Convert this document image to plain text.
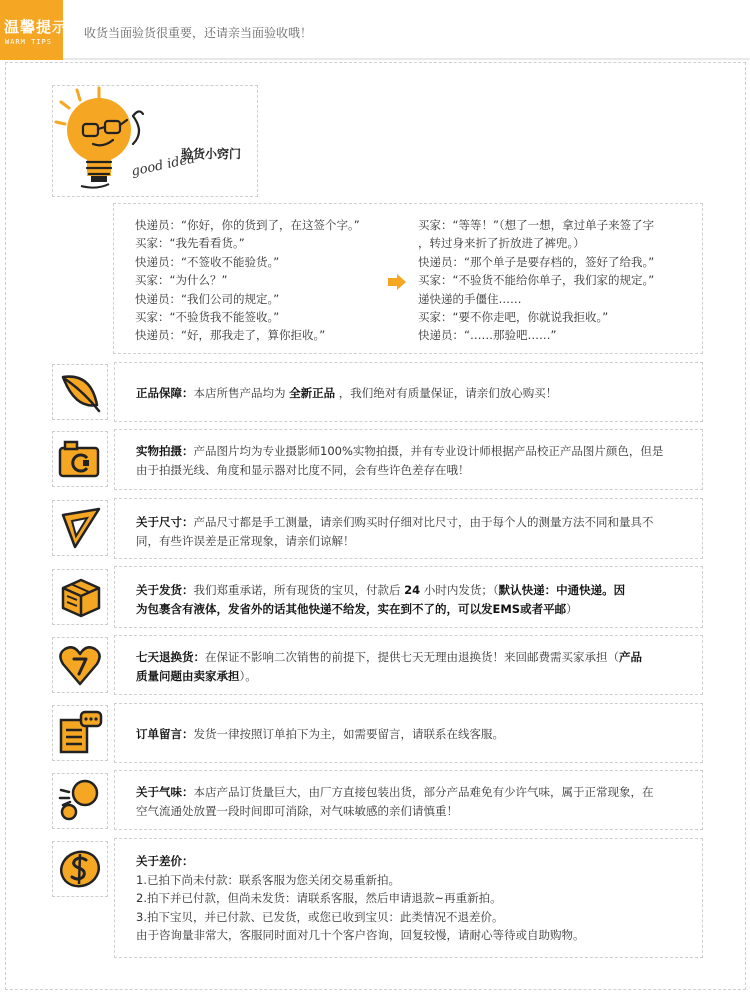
温馨提示
WARM TIPS
收货当面验货很重要，还请亲当面验收哦！
good idea
验货小窍门
快递员：“你好，你的货到了，在这签个字。”
买家：“我先看看货。”
快递员：“不签收不能验货。”
买家：“为什么？”
快递员：“我们公司的规定。”
买家：“不验货我不能签收。”
快递员：“好，那我走了，算你拒收。”
买家：“等等！”（想了一想，拿过单子来签了字
，转过身来折了折放进了裤兜。）
快递员：“那个单子是要存档的，签好了给我。”
买家：“不验货不能给你单子，我们家的规定。”
递快递的手僵住……
买家：“要不你走吧，你就说我拒收。”
快递员：“……那验吧……”
正品保障：本店所售产品均为 全新正品 ，我们绝对有质量保证，请亲们放心购买！
实物拍摄：产品图片均为专业摄影师100%实物拍摄，并有专业设计师根据产品校正产品图片颜色，但是
由于拍摄光线、角度和显示器对比度不同，会有些许色差存在哦！
关于尺寸：产品尺寸都是手工测量，请亲们购买时仔细对比尺寸，由于每个人的测量方法不同和量具不
同，有些许误差是正常现象，请亲们谅解！
关于发货：我们郑重承诺，所有现货的宝贝，付款后 24 小时内发货；（默认快递：中通快递。因
为包裹含有液体，发省外的话其他快递不给发，实在到不了的，可以发EMS或者平邮）
七天退换货：在保证不影响二次销售的前提下，提供七天无理由退换货！来回邮费需买家承担（产品
质量问题由卖家承担）。
订单留言：发货一律按照订单拍下为主，如需要留言，请联系在线客服。
关于气味：本店产品订货量巨大，由厂方直接包装出货，部分产品难免有少许气味，属于正常现象，在
空气流通处放置一段时间即可消除，对气味敏感的亲们请慎重！
关于差价：
1.已拍下尚未付款：联系客服为您关闭交易重新拍。
2.拍下并已付款，但尚未发货：请联系客服，然后申请退款~再重新拍。
3.拍下宝贝，并已付款、已发货，或您已收到宝贝：此类情况不退差价。
由于咨询量非常大，客服同时面对几十个客户咨询，回复较慢，请耐心等待或自助购物。
